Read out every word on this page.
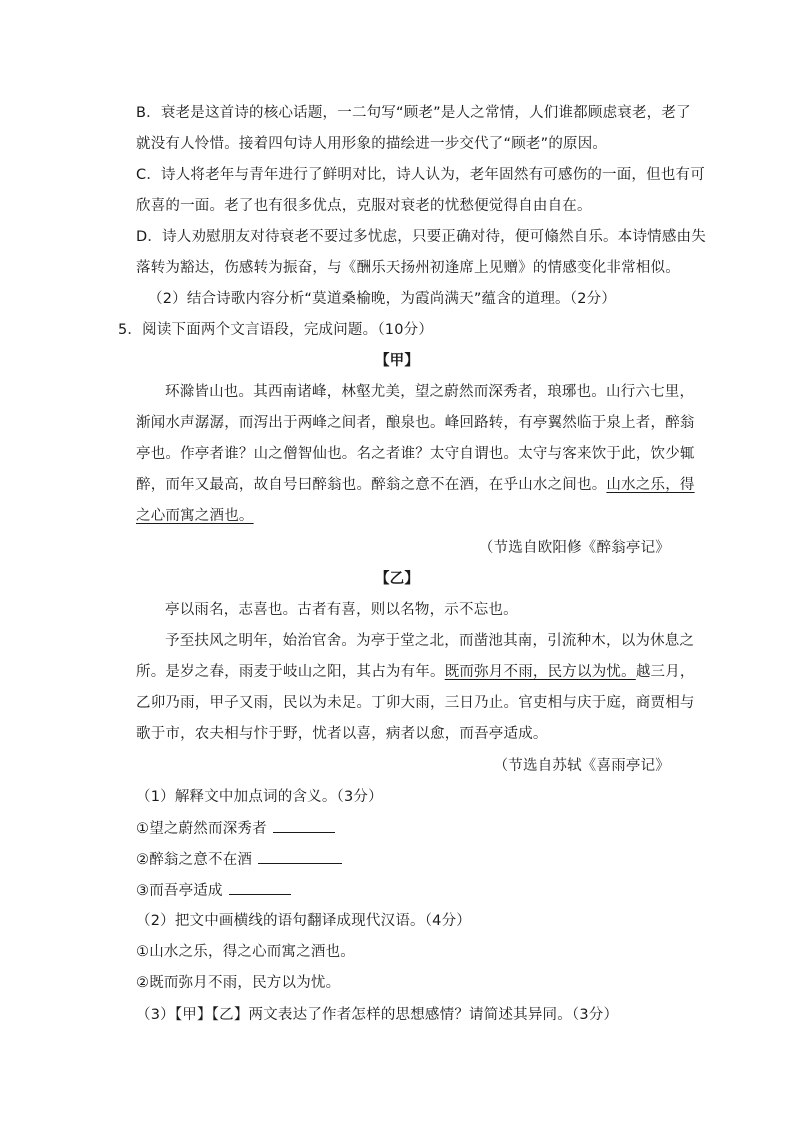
B．衰老是这首诗的核心话题，一二句写“顾老”是人之常情，人们谁都顾虑衰老，老了
就没有人怜惜。接着四句诗人用形象的描绘进一步交代了“顾老”的原因。
C．诗人将老年与青年进行了鲜明对比，诗人认为，老年固然有可感伤的一面，但也有可
欣喜的一面。老了也有很多优点，克服对衰老的忧愁便觉得自由自在。
D．诗人劝慰朋友对待衰老不要过多忧虑，只要正确对待，便可翛然自乐。本诗情感由失
落转为豁达，伤感转为振奋，与《酬乐天扬州初逢席上见赠》的情感变化非常相似。
（2）结合诗歌内容分析“莫道桑榆晚，为霞尚满天”蕴含的道理。（2分）
5．阅读下面两个文言语段，完成问题。（10分）
【甲】
环滁皆山也。其西南诸峰，林壑尤美，望之蔚然而深秀者，琅琊也。山行六七里，
渐闻水声潺潺，而泻出于两峰之间者，酿泉也。峰回路转，有亭翼然临于泉上者，醉翁
亭也。作亭者谁？山之僧智仙也。名之者谁？太守自谓也。太守与客来饮于此，饮少辄
醉，而年又最高，故自号曰醉翁也。醉翁之意不在酒，在乎山水之间也。山水之乐，得
之心而寓之酒也。
（节选自欧阳修《醉翁亭记》
【乙】
亭以雨名，志喜也。古者有喜，则以名物，示不忘也。
予至扶风之明年，始治官舍。为亭于堂之北，而凿池其南，引流种木，以为休息之
所。是岁之春，雨麦于岐山之阳，其占为有年。既而弥月不雨，民方以为忧。越三月，
乙卯乃雨，甲子又雨，民以为未足。丁卯大雨，三日乃止。官吏相与庆于庭，商贾相与
歌于市，农夫相与忭于野，忧者以喜，病者以愈，而吾亭适成。
（节选自苏轼《喜雨亭记》
（1）解释文中加点词的含义。（3分）
①望之蔚然而深秀者
②醉翁之意不在酒
③而吾亭适成
（2）把文中画横线的语句翻译成现代汉语。（4分）
①山水之乐，得之心而寓之酒也。
②既而弥月不雨，民方以为忧。
（3）【甲】【乙】两文表达了作者怎样的思想感情？请简述其异同。（3分）
